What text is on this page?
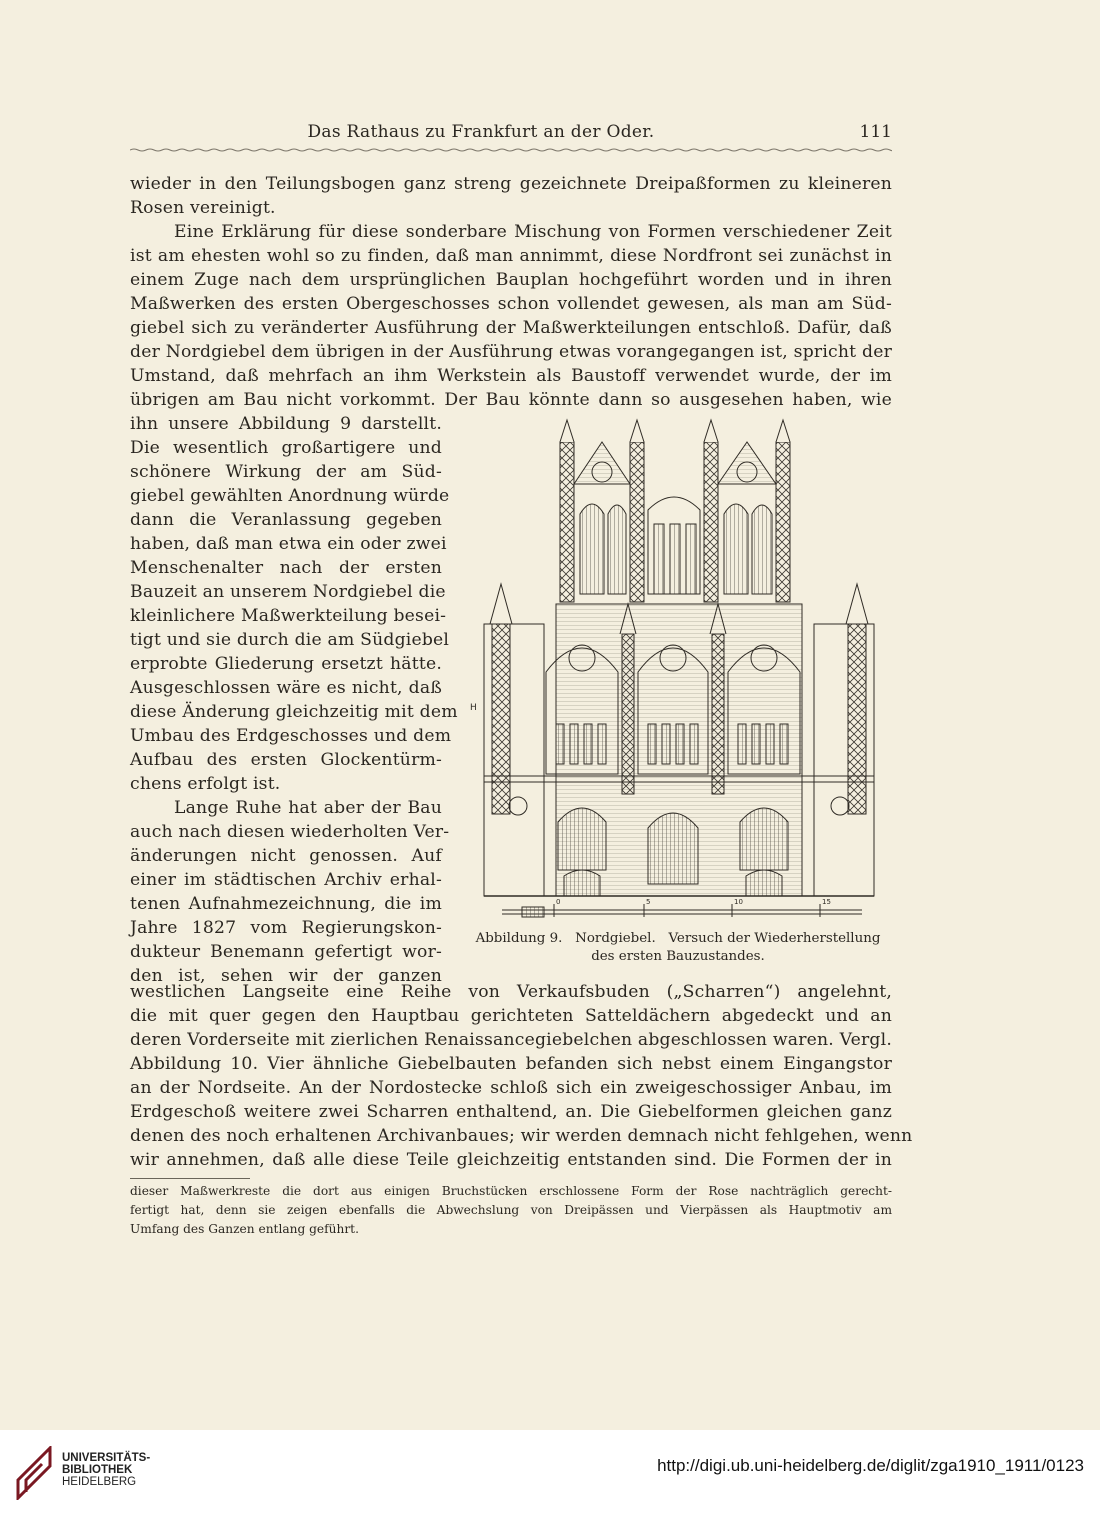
Das Rathaus zu Frankfurt an der Oder.	111
wieder in den Teilungsbogen ganz streng gezeichnete Dreipaßformen zu kleineren
Rosen vereinigt.
Eine Erklärung für diese sonderbare Mischung von Formen verschiedener Zeit
ist am ehesten wohl so zu finden, daß man annimmt, diese Nordfront sei zunächst in
einem Zuge nach dem ursprünglichen Bauplan hochgeführt worden und in ihren
Maßwerken des ersten Obergeschosses schon vollendet gewesen, als man am Süd-
giebel sich zu veränderter Ausführung der Maßwerkteilungen entschloß. Dafür, daß
der Nordgiebel dem übrigen in der Ausführung etwas vorangegangen ist, spricht der
Umstand, daß mehrfach an ihm Werkstein als Baustoff verwendet wurde, der im
übrigen am Bau nicht vorkommt. Der Bau könnte dann so ausgesehen haben, wie
ihn unsere Abbildung 9 darstellt.
Die wesentlich großartigere und
schönere Wirkung der am Süd-
giebel gewählten Anordnung würde
dann die Veranlassung gegeben
haben, daß man etwa ein oder zwei
Menschenalter nach der ersten
Bauzeit an unserem Nordgiebel die
kleinlichere Maßwerkteilung besei-
tigt und sie durch die am Südgiebel
erprobte Gliederung ersetzt hätte.
Ausgeschlossen wäre es nicht, daß
diese Änderung gleichzeitig mit dem
Umbau des Erdgeschosses und dem
Aufbau des ersten Glockentürm-
chens erfolgt ist.
Lange Ruhe hat aber der Bau
auch nach diesen wiederholten Ver-
änderungen nicht genossen. Auf
einer im städtischen Archiv erhal-
tenen Aufnahmezeichnung, die im
Jahre 1827 vom Regierungskon-
dukteur Benemann gefertigt wor-
den ist, sehen wir der ganzen
0	5	10	15
H
Abbildung 9.   Nordgiebel.   Versuch der Wiederherstellung
des ersten Bauzustandes.
westlichen Langseite eine Reihe von Verkaufsbuden („Scharren“) angelehnt,
die mit quer gegen den Hauptbau gerichteten Satteldächern abgedeckt und an
deren Vorderseite mit zierlichen Renaissancegiebelchen abgeschlossen waren. Vergl.
Abbildung 10. Vier ähnliche Giebelbauten befanden sich nebst einem Eingangstor
an der Nordseite. An der Nordostecke schloß sich ein zweigeschossiger Anbau, im
Erdgeschoß weitere zwei Scharren enthaltend, an. Die Giebelformen gleichen ganz
denen des noch erhaltenen Archivanbaues; wir werden demnach nicht fehlgehen, wenn
wir annehmen, daß alle diese Teile gleichzeitig entstanden sind. Die Formen der in
dieser Maßwerkreste die dort aus einigen Bruchstücken erschlossene Form der Rose nachträglich gerecht-
fertigt hat, denn sie zeigen ebenfalls die Abwechslung von Dreipässen und Vierpässen als Hauptmotiv am
Umfang des Ganzen entlang geführt.
UNIVERSITÄTS-
BIBLIOTHEK
HEIDELBERG
http://digi.ub.uni-heidelberg.de/diglit/zga1910_1911/0123
